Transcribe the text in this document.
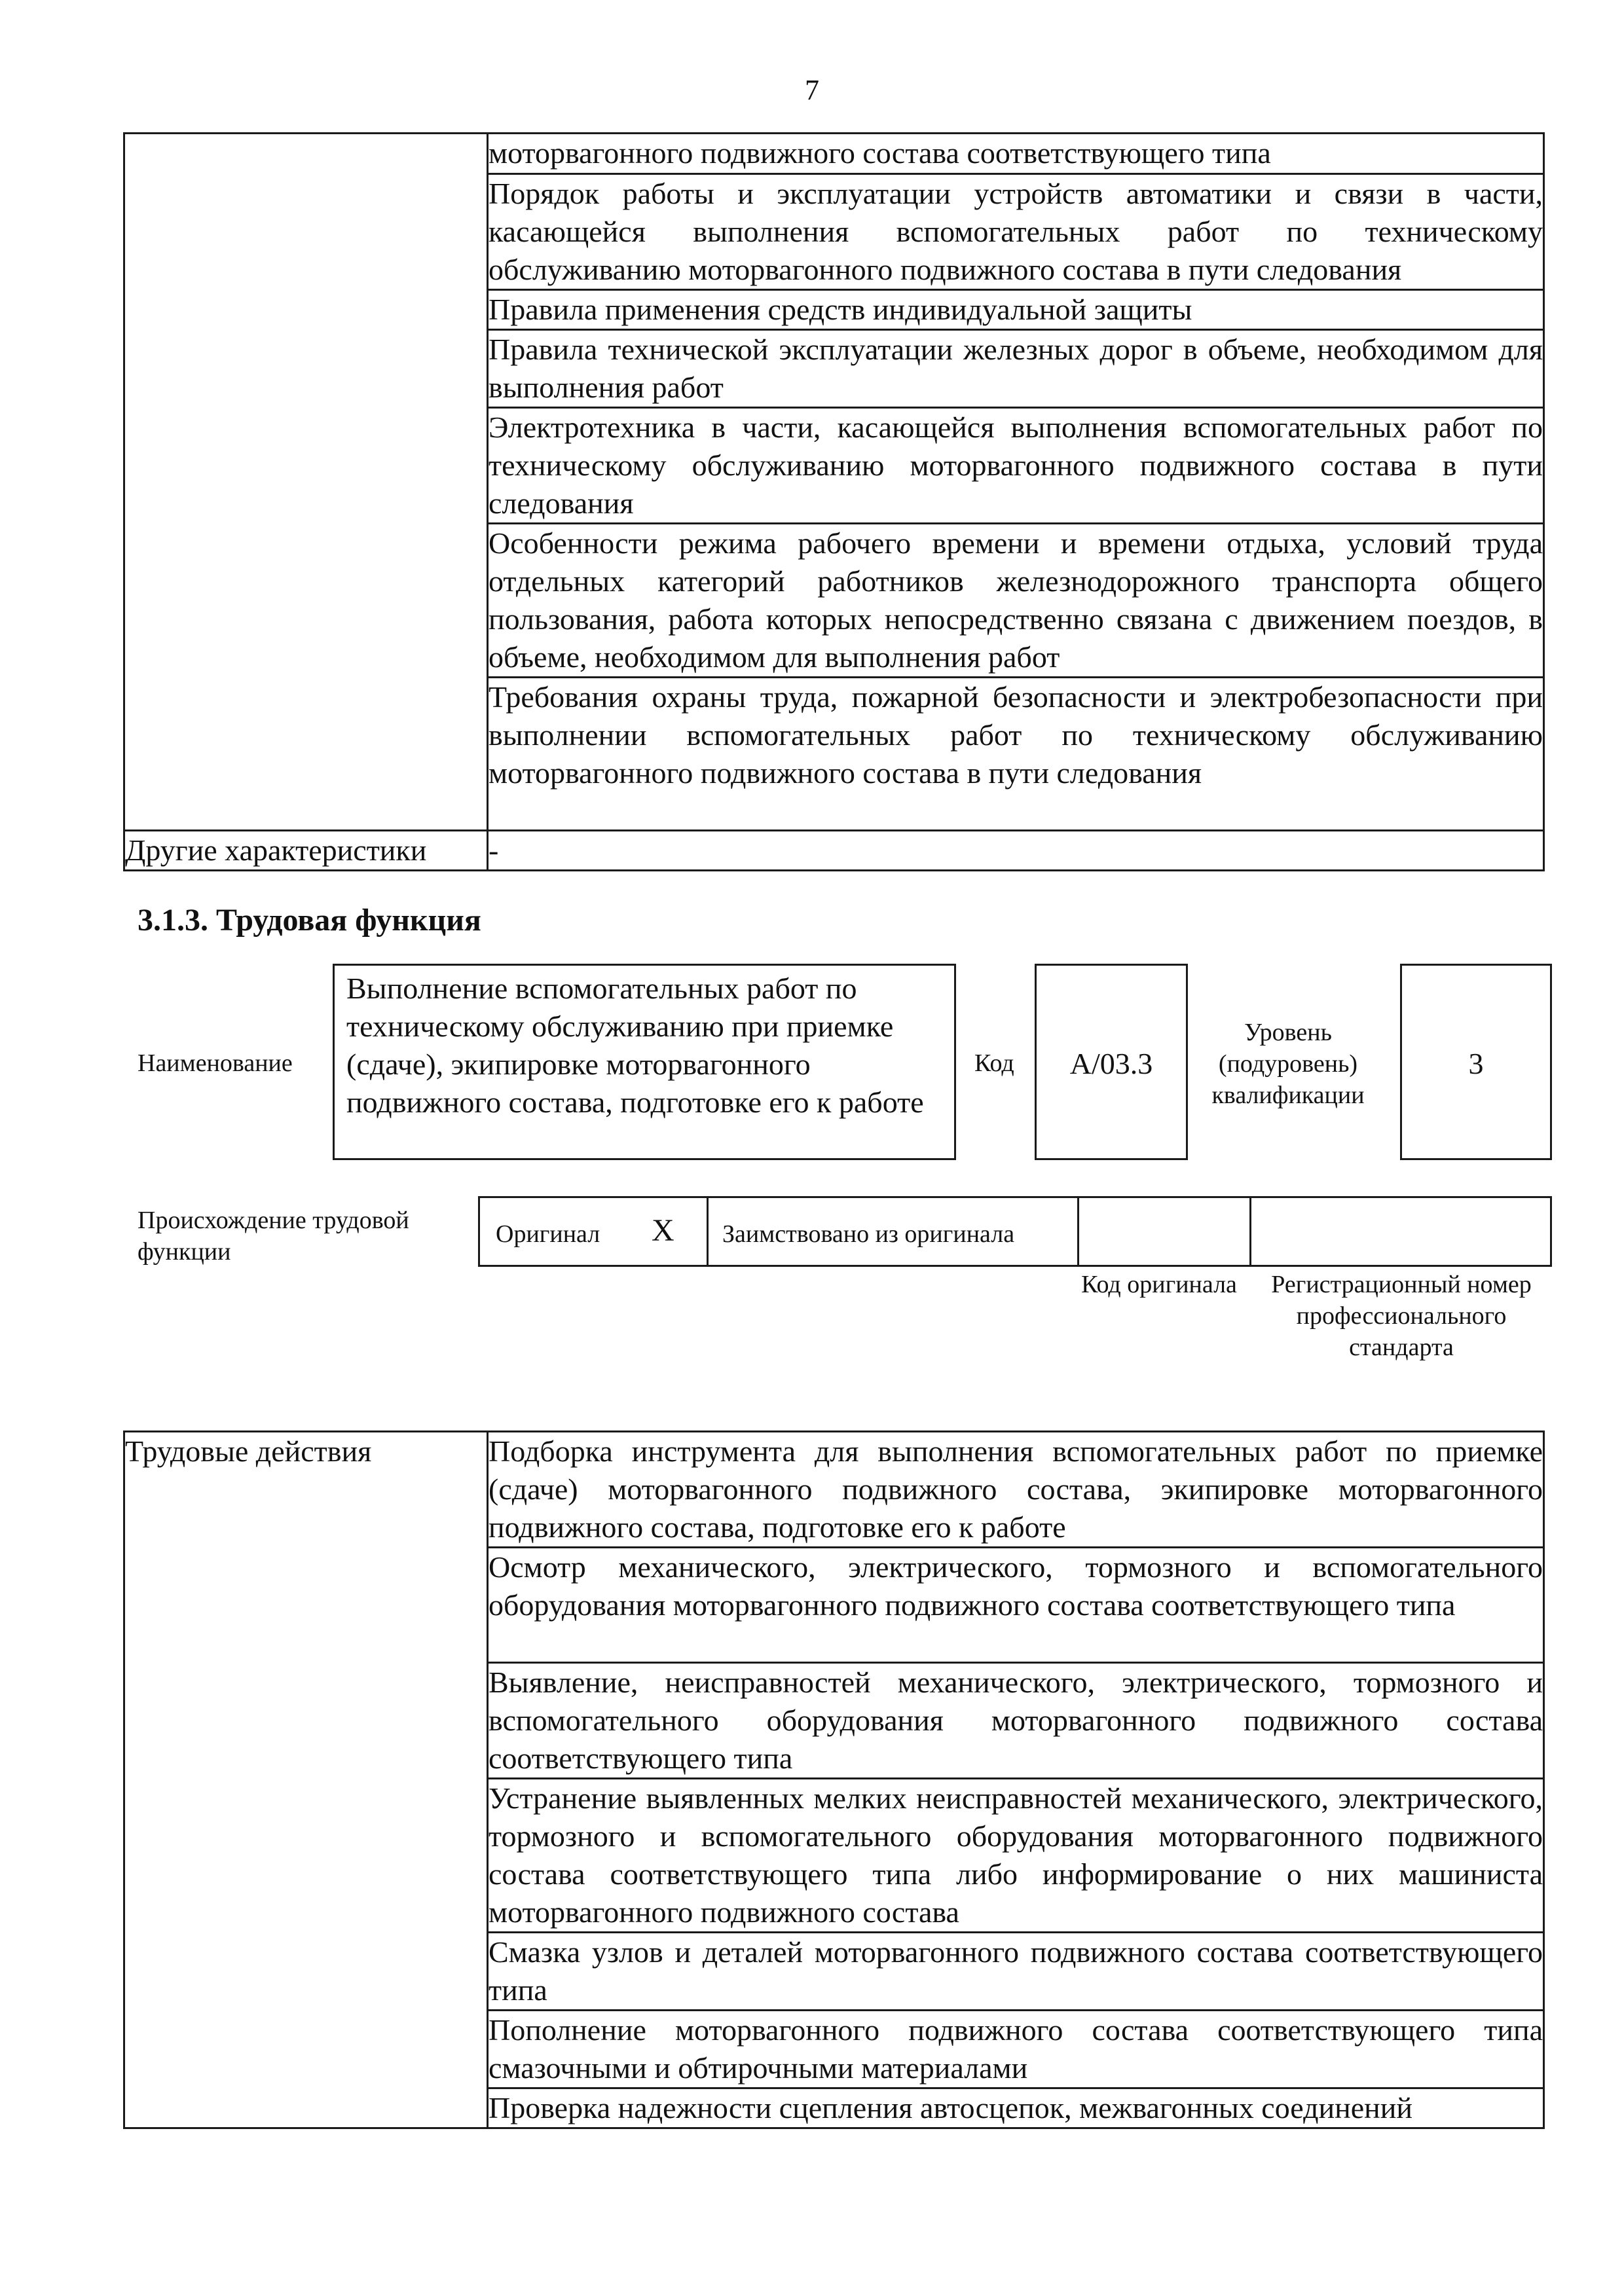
7
	моторвагонного подвижного состава соответствующего типа
	Порядок работы и эксплуатации устройств автоматики и связи в части, касающейся выполнения вспомогательных работ по техническому обслуживанию моторвагонного подвижного состава в пути следования
	Правила применения средств индивидуальной защиты
	Правила технической эксплуатации железных дорог в объеме, необходимом для выполнения работ
	Электротехника в части, касающейся выполнения вспомогательных работ по техническому обслуживанию моторвагонного подвижного состава в пути следования
	Особенности режима рабочего времени и времени отдыха, условий труда отдельных категорий работников железнодорожного транспорта общего пользования, работа которых непосредственно связана с движением поездов, в объеме, необходимом для выполнения работ
	Требования охраны труда, пожарной безопасности и электробезопасности при выполнении вспомогательных работ по техническому обслуживанию моторвагонного подвижного состава в пути следования
Другие характеристики	-
3.1.3. Трудовая функция
Наименование
Выполнение вспомогательных работ по техническому обслуживанию при приемке (сдаче), экипировке моторвагонного подвижного состава, подготовке его к работе
Код	A/03.3
Уровень (подуровень) квалификации
3
Происхождение трудовой функции
Оригинал X Заимствовано из оригинала
Код оригинала	Регистрационный номер профессионального стандарта
Трудовые действия	Подборка инструмента для выполнения вспомогательных работ по приемке (сдаче) моторвагонного подвижного состава, экипировке моторвагонного подвижного состава, подготовке его к работе
Осмотр механического, электрического, тормозного и вспомогательного оборудования моторвагонного подвижного состава соответствующего типа
Выявление, неисправностей механического, электрического, тормозного и вспомогательного оборудования моторвагонного подвижного состава соответствующего типа
Устранение выявленных мелких неисправностей механического, электрического, тормозного и вспомогательного оборудования моторвагонного подвижного состава соответствующего типа либо информирование о них машиниста моторвагонного подвижного состава
Смазка узлов и деталей моторвагонного подвижного состава соответствующего типа
Пополнение моторвагонного подвижного состава соответствующего типа смазочными и обтирочными материалами
Проверка надежности сцепления автосцепок, межвагонных соединений
